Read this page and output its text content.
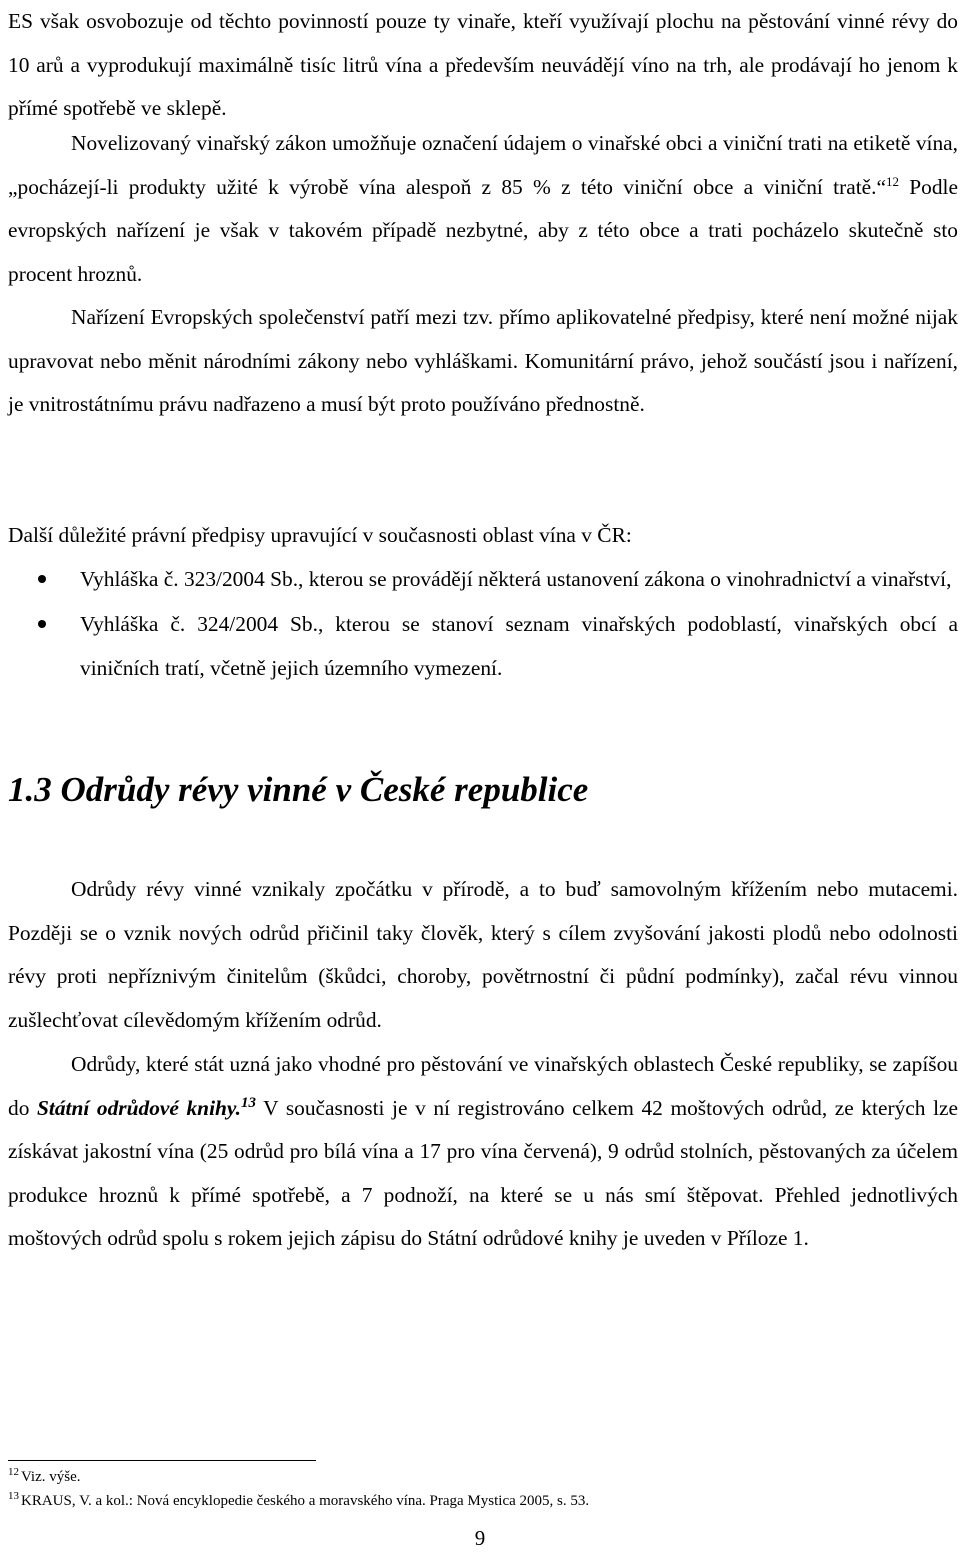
ES však osvobozuje od těchto povinností pouze ty vinaře, kteří využívají plochu na pěstování vinné révy do 10 arů a vyprodukují maximálně tisíc litrů vína a především neuvádějí víno na trh, ale prodávají ho jenom k přímé spotřebě ve sklepě.

Novelizovaný vinařský zákon umožňuje označení údajem o vinařské obci a viniční trati na etiketě vína, „pocházejí-li produkty užité k výrobě vína alespoň z 85 % z této viniční obce a viniční tratě.“$^{12}$ Podle evropských nařízení je však v takovém případě nezbytné, aby z této obce a trati pocházelo skutečně sto procent hroznů.

Nařízení Evropských společenství patří mezi tzv. přímo aplikovatelné předpisy, které není možné nijak upravovat nebo měnit národními zákony nebo vyhláškami. Komunitární právo, jehož součástí jsou i nařízení, je vnitrostátnímu právu nadřazeno a musí být proto používáno přednostně.

Další důležité právní předpisy upravující v současnosti oblast vína v ČR:

Vyhláška č. 323/2004 Sb., kterou se provádějí některá ustanovení zákona o vinohradnictví a vinařství,
Vyhláška č. 324/2004 Sb., kterou se stanoví seznam vinařských podoblastí, vinařských obcí a viničních tratí, včetně jejich územního vymezení.
1.3 Odrůdy révy vinné v České republice

Odrůdy révy vinné vznikaly zpočátku v přírodě, a to buď samovolným křížením nebo mutacemi. Později se o vznik nových odrůd přičinil taky člověk, který s cílem zvyšování jakosti plodů nebo odolnosti révy proti nepříznivým činitelům (škůdci, choroby, povětrnostní či půdní podmínky), začal révu vinnou zušlechťovat cílevědomým křížením odrůd.

Odrůdy, které stát uzná jako vhodné pro pěstování ve vinařských oblastech České republiky, se zapíšou do Státní odrůdové knihy.$^{13}$ V současnosti je v ní registrováno celkem 42 moštových odrůd, ze kterých lze získávat jakostní vína (25 odrůd pro bílá vína a 17 pro vína červená), 9 odrůd stolních, pěstovaných za účelem produkce hroznů k přímé spotřebě, a 7 podnoží, na které se u nás smí štěpovat. Přehled jednotlivých moštových odrůd spolu s rokem jejich zápisu do Státní odrůdové knihy je uveden v Příloze 1.

$^{12}$ Viz. výše.
$^{13}$ KRAUS, V. a kol.: Nová encyklopedie českého a moravského vína. Praga Mystica 2005, s. 53.
9
